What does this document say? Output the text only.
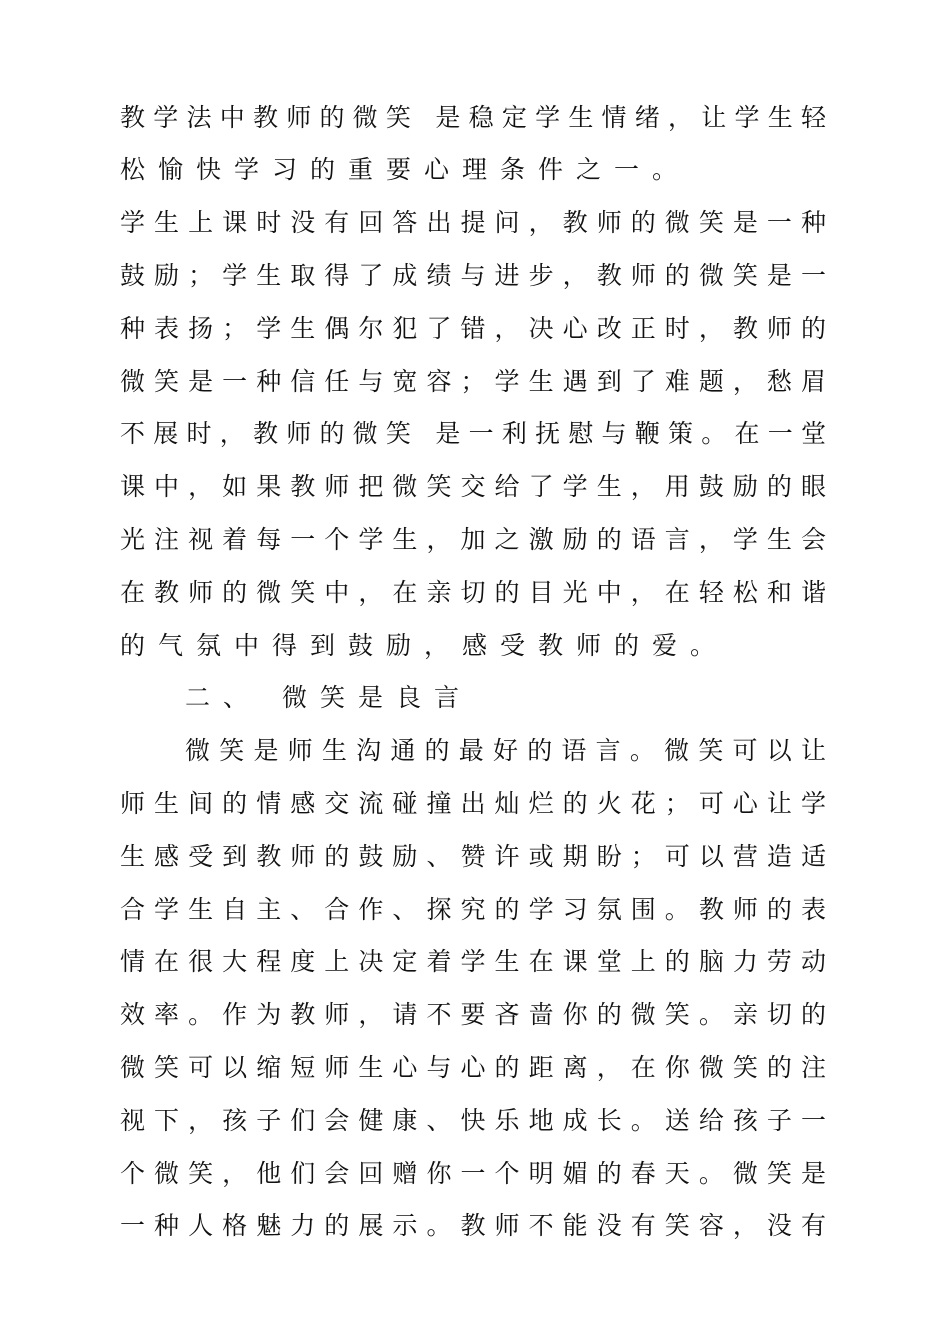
教学法中教师的微笑 是稳定学生情绪，让学生轻
松愉快学习的重要心理条件之一。
学生上课时没有回答出提问，教师的微笑是一种
鼓励；学生取得了成绩与进步，教师的微笑是一
种表扬；学生偶尔犯了错，决心改正时，教师的
微笑是一种信任与宽容；学生遇到了难题，愁眉
不展时，教师的微笑 是一利抚慰与鞭策。在一堂
课中，如果教师把微笑交给了学生，用鼓励的眼
光注视着每一个学生，加之激励的语言，学生会
在教师的微笑中，在亲切的目光中，在轻松和谐
的气氛中得到鼓励，感受教师的爱。
二、 微笑是良言
微笑是师生沟通的最好的语言。微笑可以让
师生间的情感交流碰撞出灿烂的火花；可心让学
生感受到教师的鼓励、赞许或期盼；可以营造适
合学生自主、合作、探究的学习氛围。教师的表
情在很大程度上决定着学生在课堂上的脑力劳动
效率。作为教师，请不要吝啬你的微笑。亲切的
微笑可以缩短师生心与心的距离，在你微笑的注
视下，孩子们会健康、快乐地成长。送给孩子一
个微笑，他们会回赠你一个明媚的春天。微笑是
一种人格魅力的展示。教师不能没有笑容，没有
